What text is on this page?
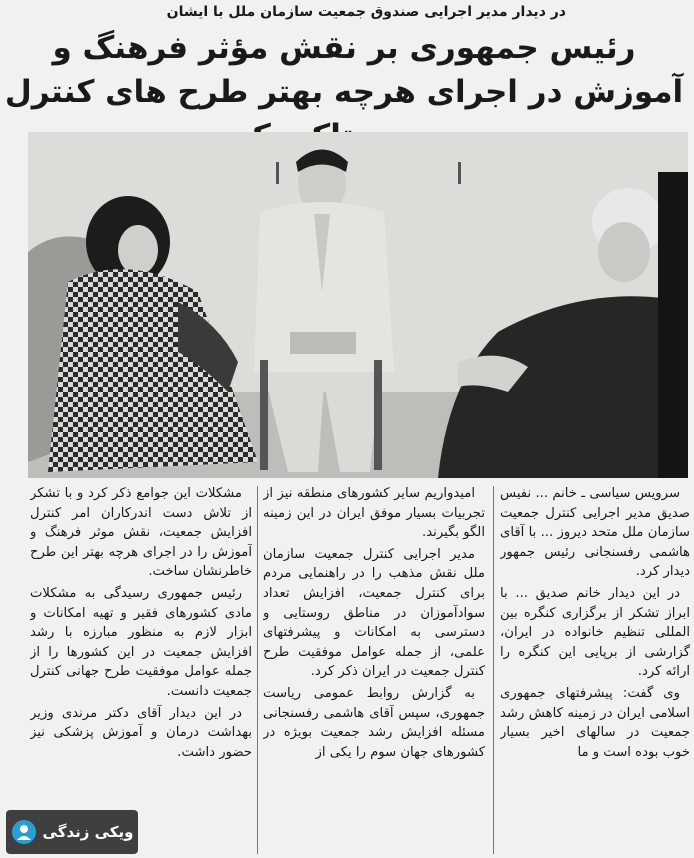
در دیدار مدیر اجرایی صندوق جمعیت سازمان ملل با ایشان
رئیس جمهوری بر نقش مؤثر فرهنگ و آموزش در اجرای هرچه بهتر طرح های کنترل

سرویس سیاسی ـ خانم ... نفیس صدیق مدیر اجرایی کنترل جمعیت سازمان ملل متحد دیروز ... با آقای هاشمی رفسنجانی رئیس جمهور دیدار کرد.

در این دیدار خانم صدیق ... با ابراز تشکر از برگزاری کنگره بین المللی تنظیم خانواده در ایران، گزارشی از برپایی این کنگره را ارائه کرد.

وی گفت: پیشرفتهای جمهوری اسلامی ایران در زمینه کاهش رشد جمعیت در سالهای اخیر بسیار خوب بوده است و ما

امیدواریم سایر کشورهای منطقه نیز از تجربیات بسیار موفق ایران در این زمینه الگو بگیرند.

مدیر اجرایی کنترل جمعیت سازمان ملل نقش مذهب را در راهنمایی مردم برای کنترل جمعیت، افزایش تعداد سوادآموزان در مناطق روستایی و دسترسی به امکانات و پیشرفتهای علمی، از جمله عوامل موفقیت طرح کنترل جمعیت در ایران ذکر کرد.

به گزارش روابط عمومی ریاست جمهوری، سپس آقای هاشمی رفسنجانی مسئله افزایش رشد جمعیت بویژه در کشورهای جهان سوم را یکی از

مشکلات این جوامع ذکر کرد و با تشکر از تلاش دست اندرکاران امر کنترل افزایش جمعیت، نقش موثر فرهنگ و آموزش را در اجرای هرچه بهتر این طرح خاطرنشان ساخت.

رئیس جمهوری رسیدگی به مشکلات مادی کشورهای فقیر و تهیه امکانات و ابزار لازم به منظور مبارزه با رشد افزایش جمعیت در این کشورها را از جمله عوامل موفقیت طرح جهانی کنترل جمعیت دانست.

در این دیدار آقای دکتر مرندی وزیر بهداشت درمان و آموزش پزشکی نیز حضور داشت.

ویکی زندگی
